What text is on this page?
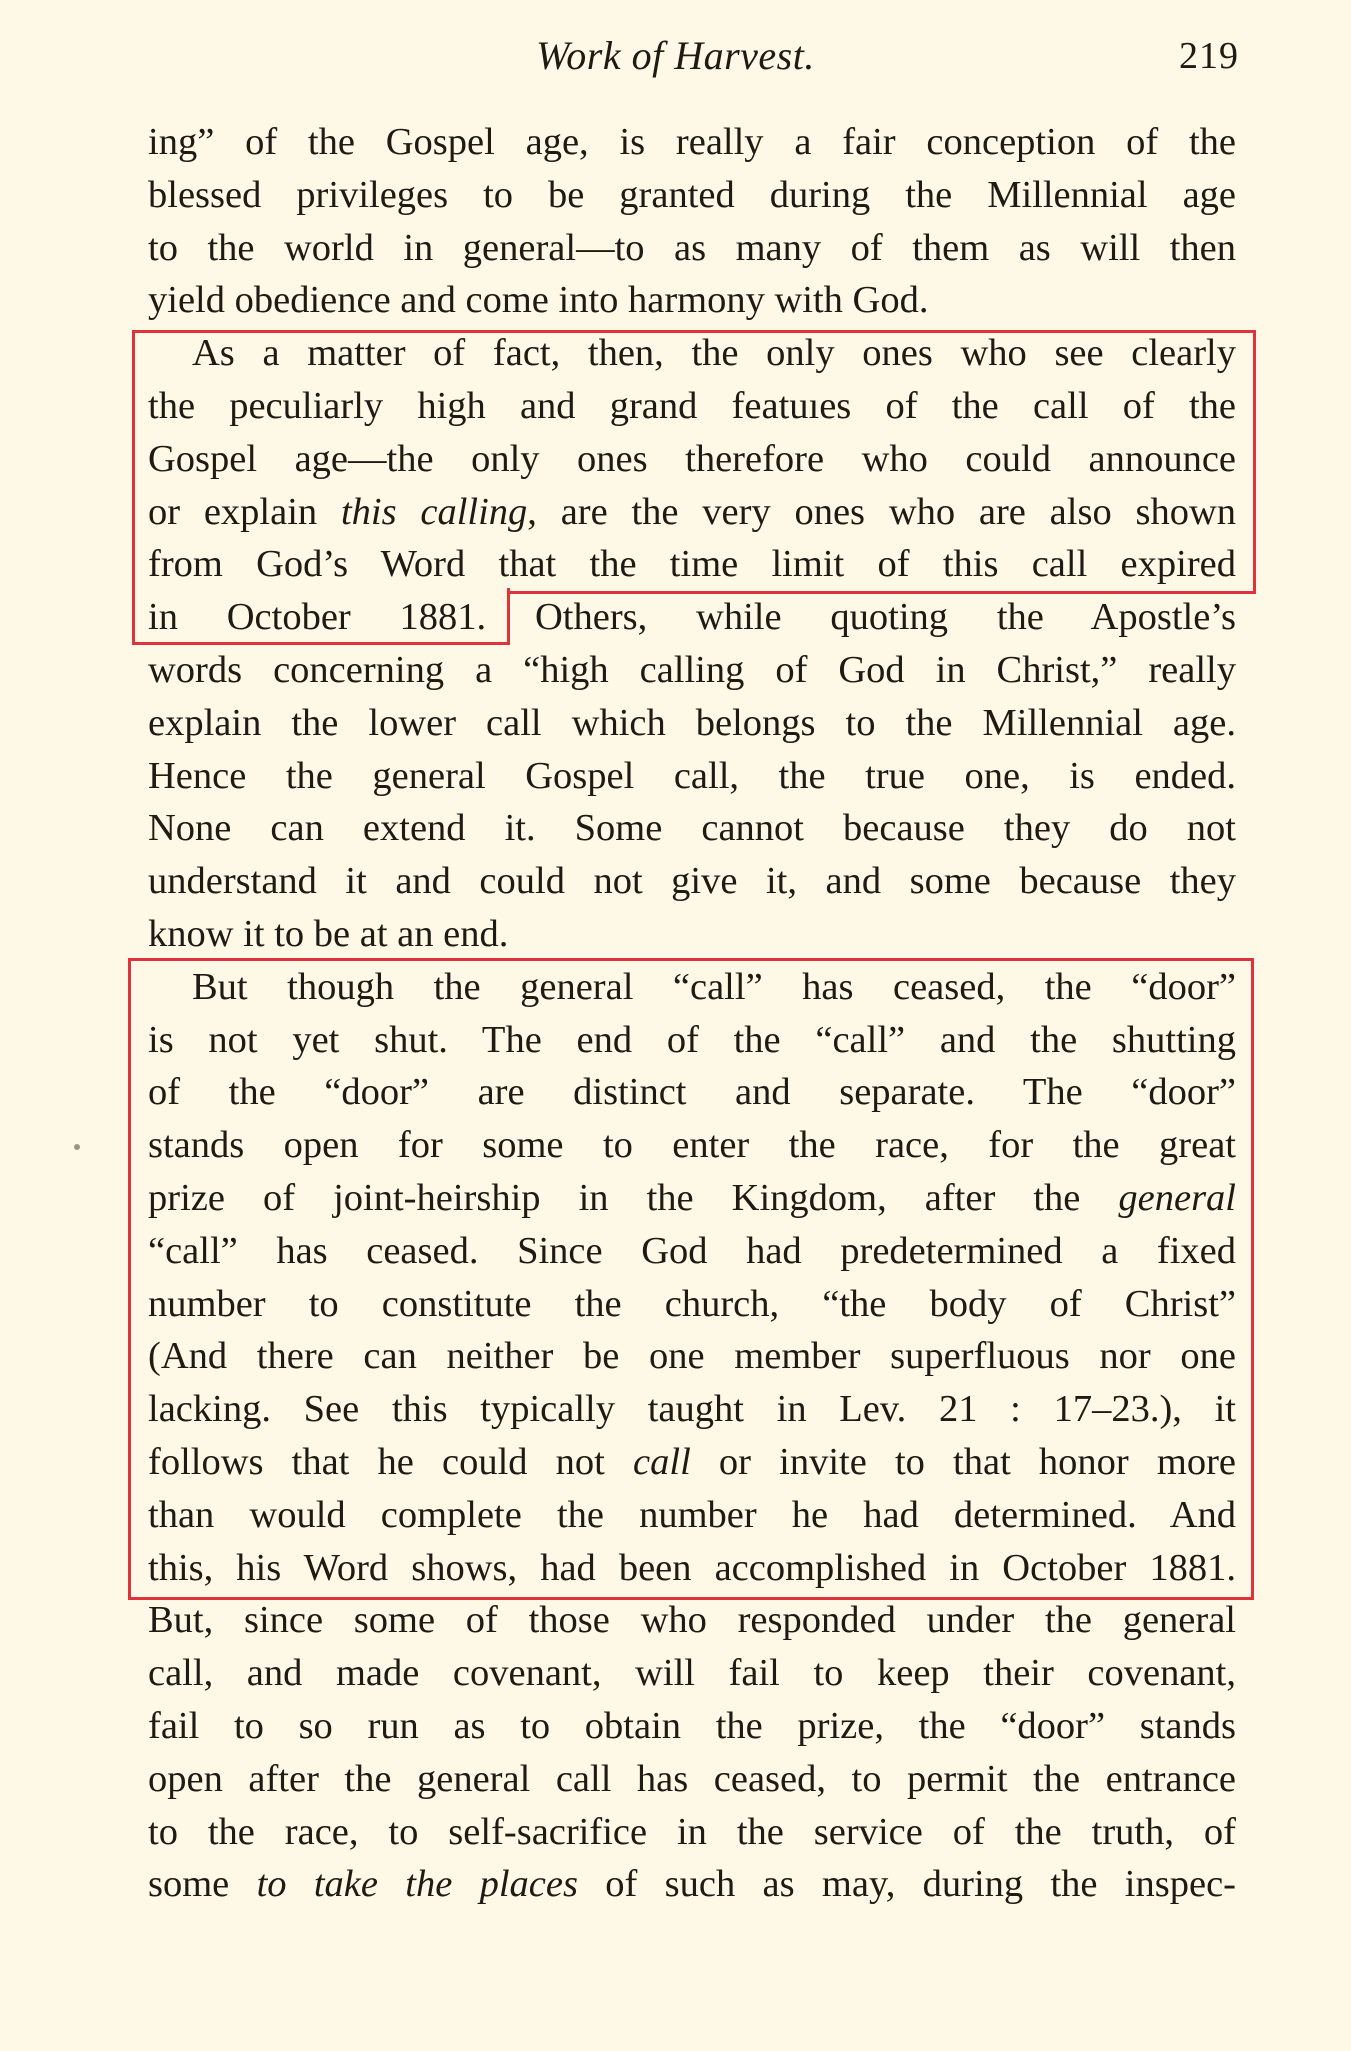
Work of Harvest.	219
ing” of the Gospel age, is really a fair conception of the
blessed privileges to be granted during the Millennial age
to the world in general—to as many of them as will then
yield obedience and come into harmony with God.
As a matter of fact, then, the only ones who see clearly
the peculiarly high and grand featuıes of the call of the
Gospel age—the only ones therefore who could announce
or explain this calling, are the very ones who are also shown
from God’s Word that the time limit of this call expired
in October 1881. Others, while quoting the Apostle’s
words concerning a “high calling of God in Christ,” really
explain the lower call which belongs to the Millennial age.
Hence the general Gospel call, the true one, is ended.
None can extend it. Some cannot because they do not
understand it and could not give it, and some because they
know it to be at an end.
But though the general “call” has ceased, the “door”
is not yet shut. The end of the “call” and the shutting
of the “door” are distinct and separate. The “door”
stands open for some to enter the race, for the great
prize of joint-heirship in the Kingdom, after the general
“call” has ceased. Since God had predetermined a fixed
number to constitute the church, “the body of Christ”
(And there can neither be one member superfluous nor one
lacking. See this typically taught in Lev. 21 : 17–23.), it
follows that he could not call or invite to that honor more
than would complete the number he had determined. And
this, his Word shows, had been accomplished in October 1881.
But, since some of those who responded under the general
call, and made covenant, will fail to keep their covenant,
fail to so run as to obtain the prize, the “door” stands
open after the general call has ceased, to permit the entrance
to the race, to self-sacrifice in the service of the truth, of
some to take the places of such as may, during the inspec-
